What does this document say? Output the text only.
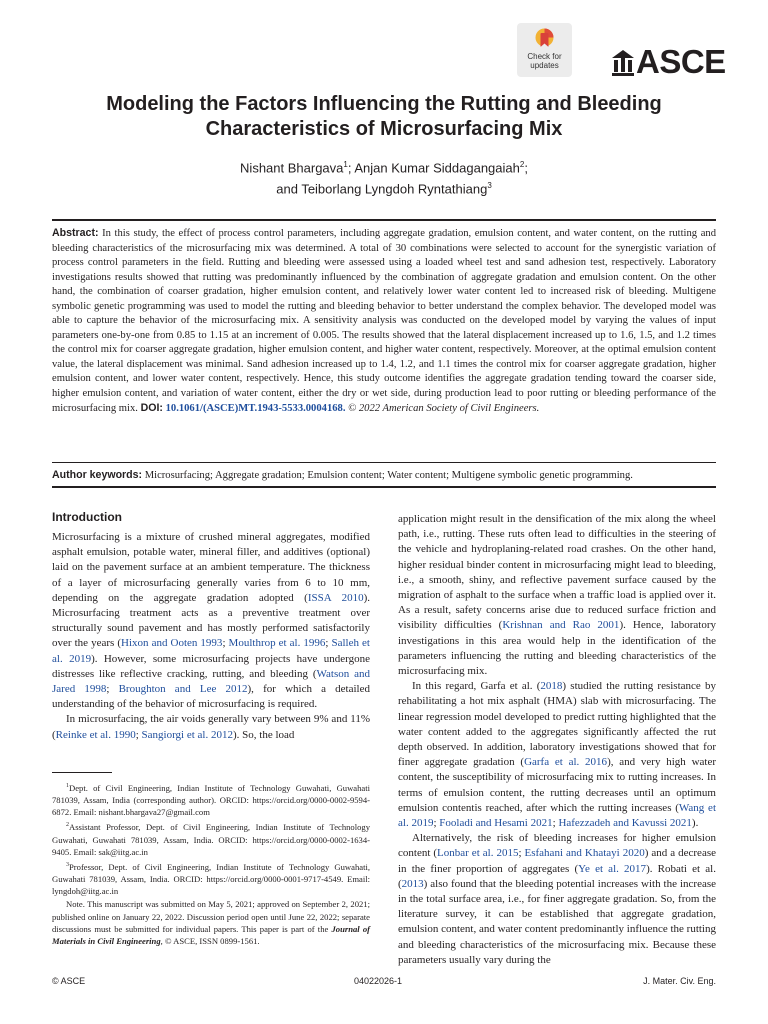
Check for
updates	ASCE
Modeling the Factors Influencing the Rutting and Bleeding Characteristics of Microsurfacing Mix
Nishant Bhargava$^1$; Anjan Kumar Siddagangaiah$^2$;
and Teiborlang Lyngdoh Ryntathiang$^3$
Abstract: In this study, the effect of process control parameters, including aggregate gradation, emulsion content, and water content, on the rutting and bleeding characteristics of the microsurfacing mix was determined. A total of 30 combinations were selected to account for the synergistic variation of process control parameters in the field. Rutting and bleeding were assessed using a loaded wheel test and sand adhesion test, respectively. Laboratory investigations results showed that rutting was predominantly influenced by the combination of aggregate gradation and emulsion content. On the other hand, the combination of coarser gradation, higher emulsion content, and relatively lower water content led to increased risk of bleeding. Multigene symbolic genetic programming was used to model the rutting and bleeding behavior to better understand the complex behavior. The developed model was able to capture the behavior of the microsurfacing mix. A sensitivity analysis was conducted on the developed model by varying the values of input parameters one-by-one from 0.85 to 1.15 at an increment of 0.005. The results showed that the lateral displacement increased up to 1.6, 1.5, and 1.2 times the control mix for coarser aggregate gradation, higher emulsion content, and higher water content, respectively. Moreover, at the optimal emulsion content value, the lateral displacement was minimal. Sand adhesion increased up to 1.4, 1.2, and 1.1 times the control mix for coarser aggregate gradation, higher emulsion content, and lower water content, respectively. Hence, this study outcome identifies the aggregate gradation tending toward the coarser side, higher emulsion content, and variation of water content, either the dry or wet side, during production lead to poor rutting or bleeding performance of the microsurfacing mix. DOI: 10.1061/(ASCE)MT.1943-5533.0004168. © 2022 American Society of Civil Engineers.
Author keywords: Microsurfacing; Aggregate gradation; Emulsion content; Water content; Multigene symbolic genetic programming.
Introduction

Microsurfacing is a mixture of crushed mineral aggregates, modified asphalt emulsion, potable water, mineral filler, and additives (optional) laid on the pavement surface at an ambient temperature. The thickness of a layer of microsurfacing generally varies from 6 to 10 mm, depending on the aggregate gradation adopted (ISSA 2010). Microsurfacing treatment acts as a preventive treatment over structurally sound pavement and has mostly performed satisfactorily over the years (Hixon and Ooten 1993; Moulthrop et al. 1996; Salleh et al. 2019). However, some microsurfacing projects have undergone distresses like reflective cracking, rutting, and bleeding (Watson and Jared 1998; Broughton and Lee 2012), for which a detailed understanding of the behavior of microsurfacing is required.

In microsurfacing, the air voids generally vary between 9% and 11% (Reinke et al. 1990; Sangiorgi et al. 2012). So, the load

$^1$Dept. of Civil Engineering, Indian Institute of Technology Guwahati, Guwahati 781039, Assam, India (corresponding author). ORCID: https://orcid.org/0000-0002-9594-6872. Email: nishant.bhargava27@gmail.com

$^2$Assistant Professor, Dept. of Civil Engineering, Indian Institute of Technology Guwahati, Guwahati 781039, Assam, India. ORCID: https://orcid.org/0000-0002-1634-9405. Email: sak@iitg.ac.in

$^3$Professor, Dept. of Civil Engineering, Indian Institute of Technology Guwahati, Guwahati 781039, Assam, India. ORCID: https://orcid.org/0000-0001-9717-4549. Email: lyngdoh@iitg.ac.in

Note. This manuscript was submitted on May 5, 2021; approved on September 2, 2021; published online on January 22, 2022. Discussion period open until June 22, 2022; separate discussions must be submitted for individual papers. This paper is part of the Journal of Materials in Civil Engineering, © ASCE, ISSN 0899-1561.

application might result in the densification of the mix along the wheel path, i.e., rutting. These ruts often lead to difficulties in the steering of the vehicle and hydroplaning-related road crashes. On the other hand, higher residual binder content in microsurfacing might lead to bleeding, i.e., a smooth, shiny, and reflective pavement surface caused by the migration of asphalt to the surface when a traffic load is applied over it. As a result, safety concerns arise due to reduced surface friction and visibility difficulties (Krishnan and Rao 2001). Hence, laboratory investigations in this area would help in the identification of the parameters influencing the rutting and bleeding characteristics of the microsurfacing mix.

In this regard, Garfa et al. (2018) studied the rutting resistance by rehabilitating a hot mix asphalt (HMA) slab with microsurfacing. The linear regression model developed to predict rutting highlighted that the water content added to the aggregates significantly affected the rut depth observed. In addition, laboratory investigations showed that for finer aggregate gradation (Garfa et al. 2016), and very high water content, the susceptibility of microsurfacing mix to rutting increases. In terms of emulsion content, the rutting decreases until an optimum emulsion contentis reached, after which the rutting increases (Wang et al. 2019; Fooladi and Hesami 2021; Hafezzadeh and Kavussi 2021).

Alternatively, the risk of bleeding increases for higher emulsion content (Lonbar et al. 2015; Esfahani and Khatayi 2020) and a decrease in the finer proportion of aggregates (Ye et al. 2017). Robati et al. (2013) also found that the bleeding potential increases with the increase in the total surface area, i.e., for finer aggregate gradation. So, from the literature survey, it can be established that aggregate gradation, emulsion content, and water content predominantly influence the rutting and bleeding characteristics of the microsurfacing mix. Because these parameters usually vary during the

© ASCE	04022026-1	J. Mater. Civ. Eng.
